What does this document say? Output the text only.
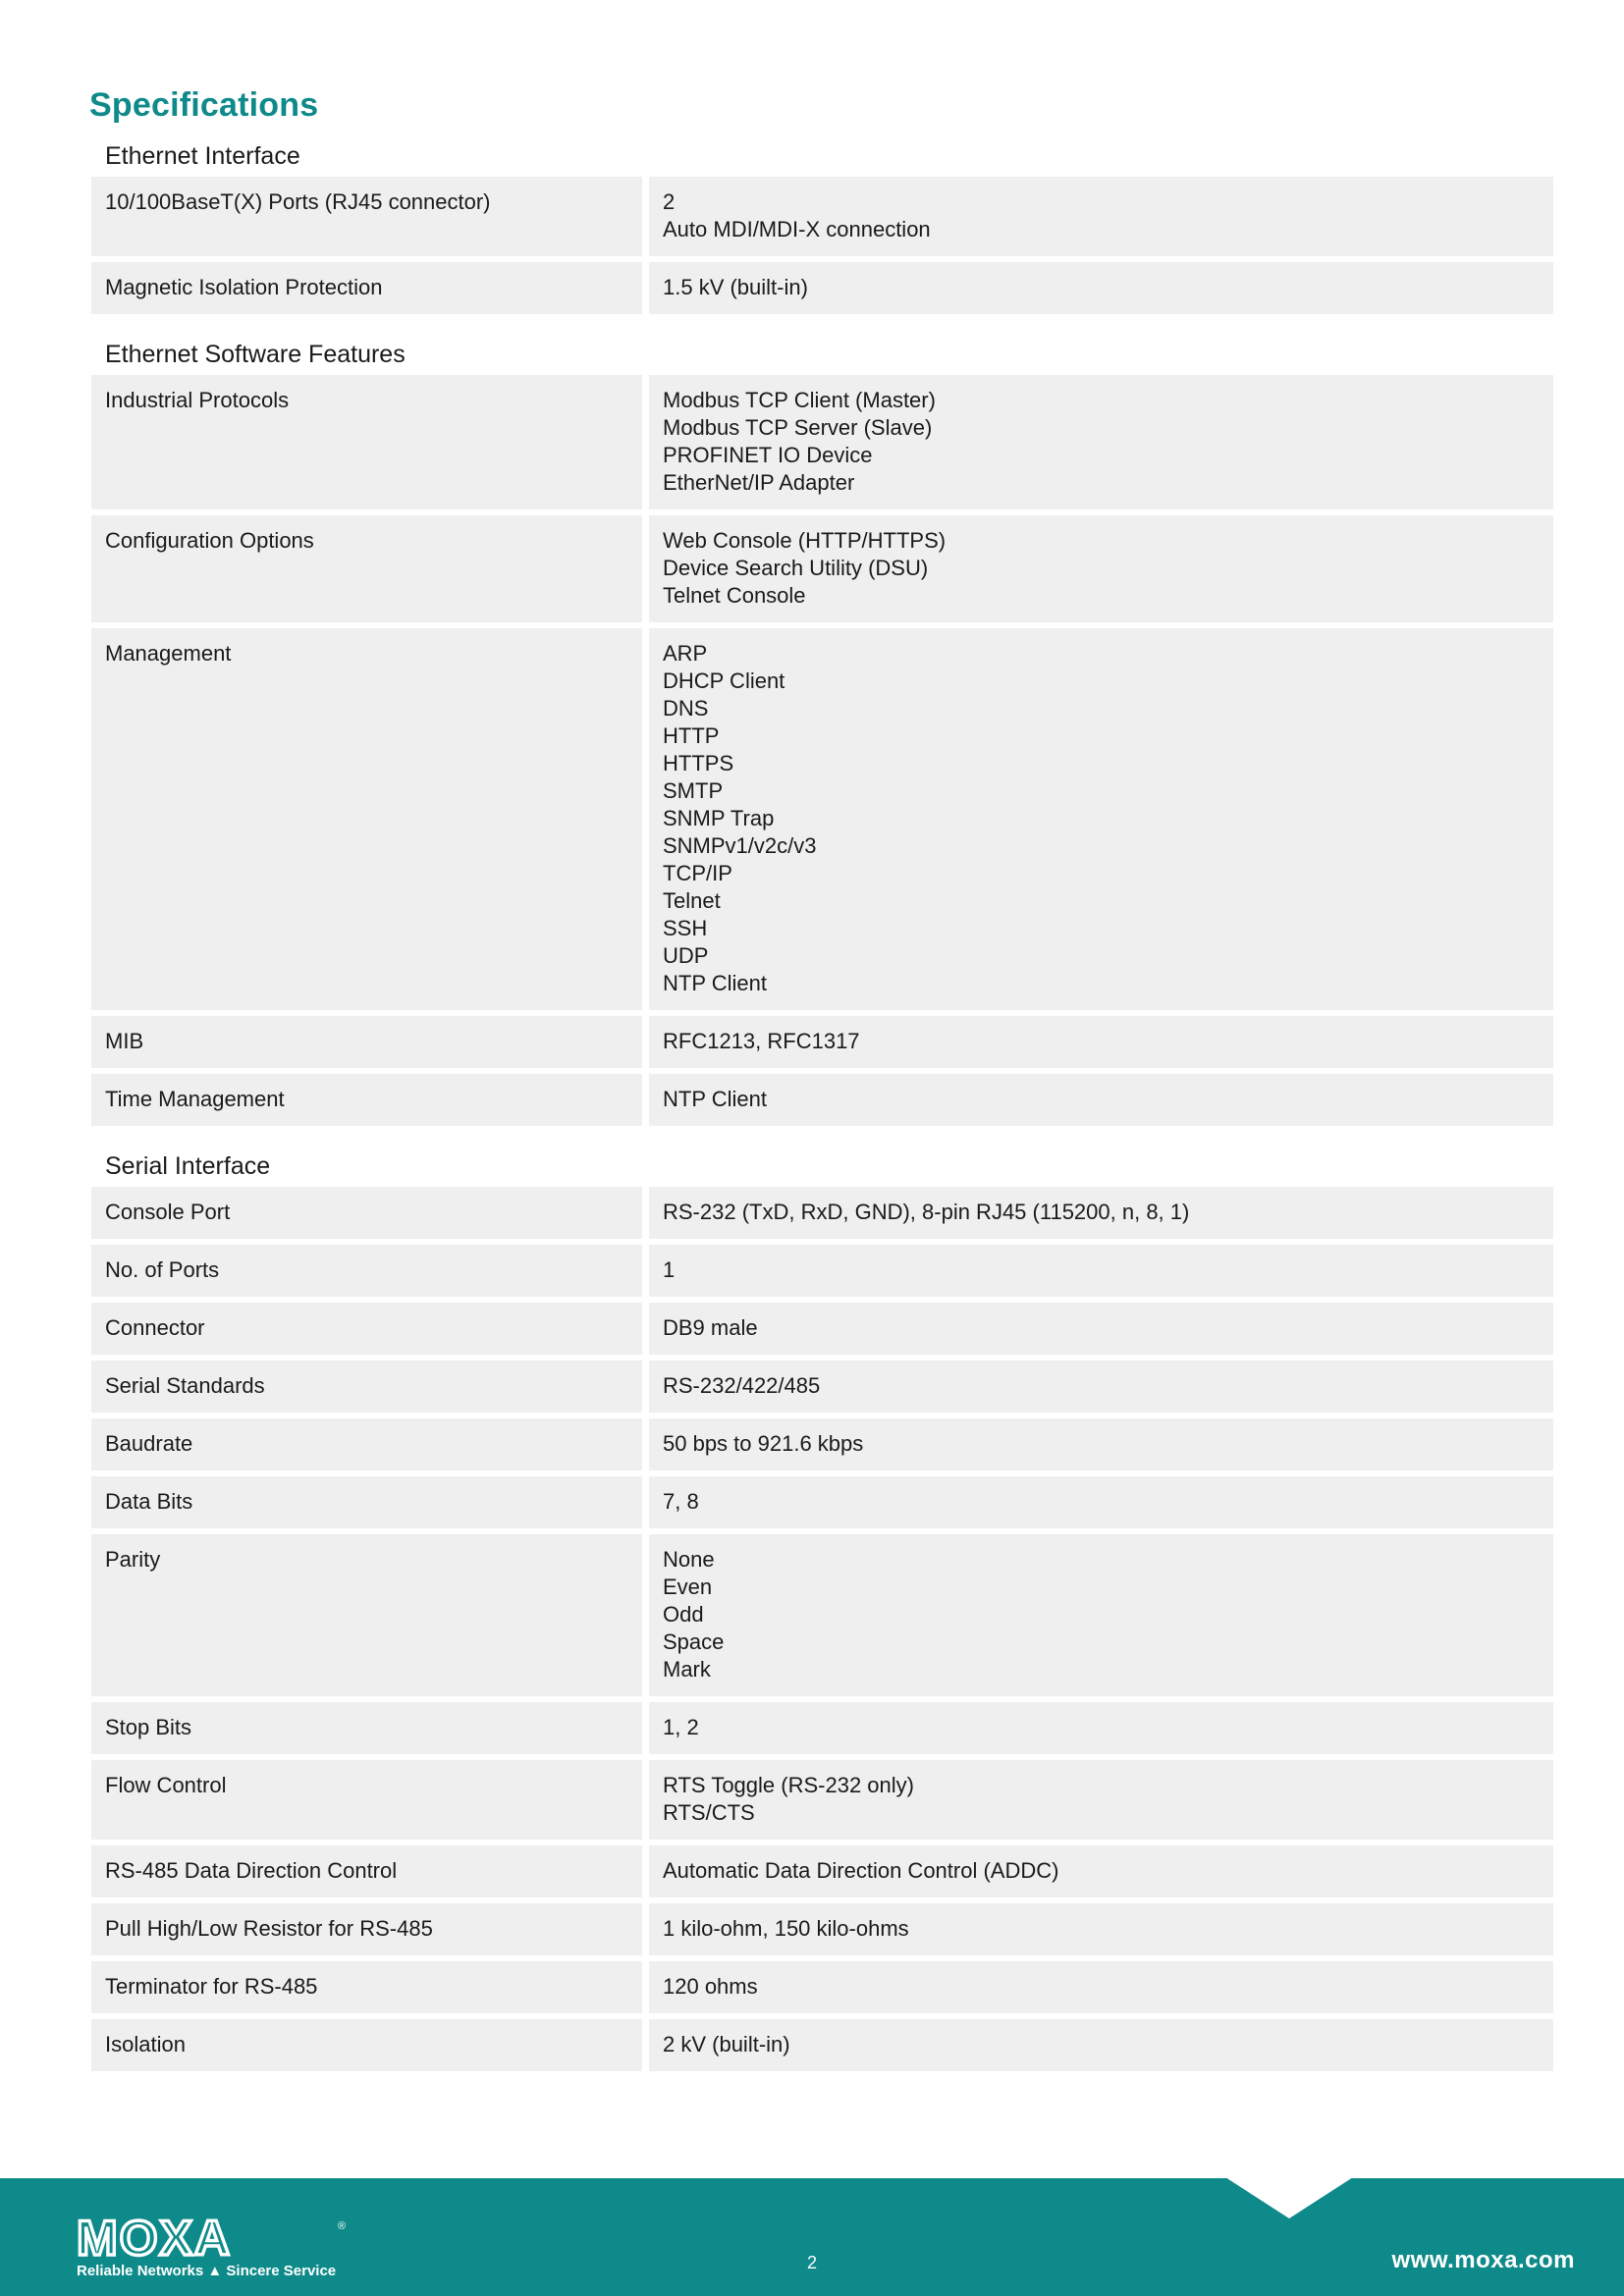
Specifications
Ethernet Interface
10/100BaseT(X) Ports (RJ45 connector)	2
Auto MDI/MDI-X connection
Magnetic Isolation Protection	1.5 kV (built-in)
Ethernet Software Features
Industrial Protocols	Modbus TCP Client (Master)
Modbus TCP Server (Slave)
PROFINET IO Device
EtherNet/IP Adapter
Configuration Options	Web Console (HTTP/HTTPS)
Device Search Utility (DSU)
Telnet Console
Management	ARP
DHCP Client
DNS
HTTP
HTTPS
SMTP
SNMP Trap
SNMPv1/v2c/v3
TCP/IP
Telnet
SSH
UDP
NTP Client
MIB	RFC1213, RFC1317
Time Management	NTP Client
Serial Interface
Console Port	RS-232 (TxD, RxD, GND), 8-pin RJ45 (115200, n, 8, 1)
No. of Ports	1
Connector	DB9 male
Serial Standards	RS-232/422/485
Baudrate	50 bps to 921.6 kbps
Data Bits	7, 8
Parity	None
Even
Odd
Space
Mark
Stop Bits	1, 2
Flow Control	RTS Toggle (RS-232 only)
RTS/CTS
RS-485 Data Direction Control	Automatic Data Direction Control (ADDC)
Pull High/Low Resistor for RS-485	1 kilo-ohm, 150 kilo-ohms
Terminator for RS-485	120 ohms
Isolation	2 kV (built-in)
MOXA	®
Reliable Networks ▲ Sincere Service	2	www.moxa.com
